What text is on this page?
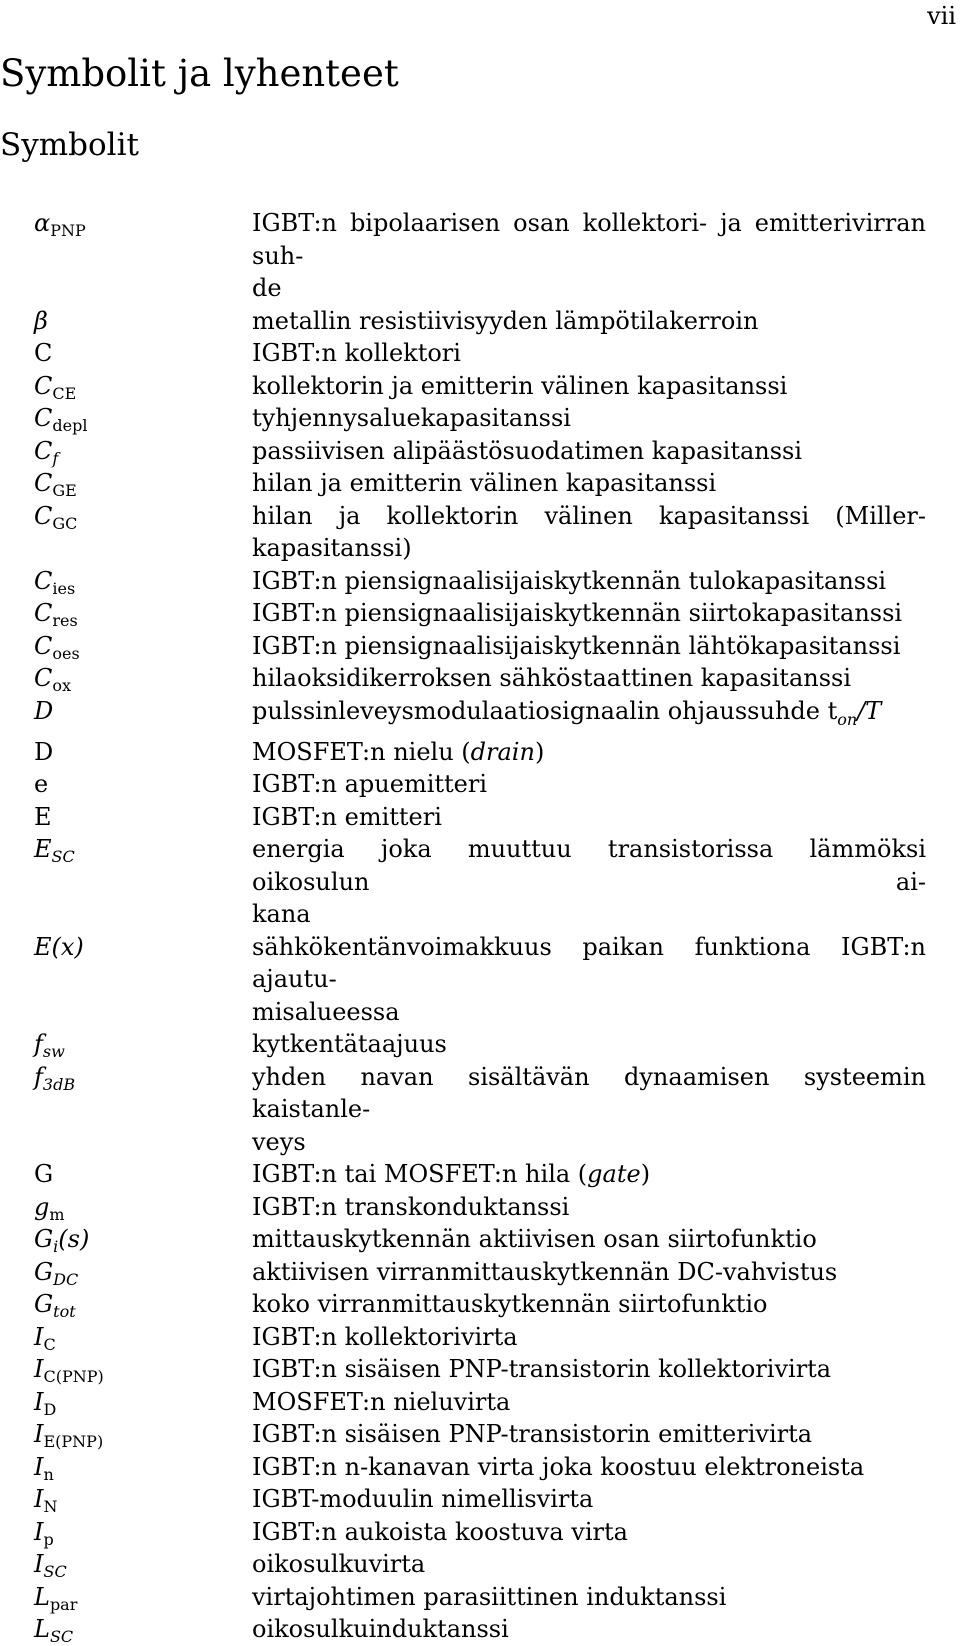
vii
Symbolit ja lyhenteet
Symbolit
$\alpha_{PNP}$	IGBT:n bipolaarisen osan kollektori- ja emitterivirran suh-
de
β	metallin resistiivisyyden lämpötilakerroin
C	IGBT:n kollektori
$C_{CE}$	kollektorin ja emitterin välinen kapasitanssi
$C_{depl}$	tyhjennysaluekapasitanssi
$C_f$	passiivisen alipäästösuodatimen kapasitanssi
$C_{GE}$	hilan ja emitterin välinen kapasitanssi
$C_{GC}$	hilan ja kollektorin välinen kapasitanssi (Miller-
kapasitanssi)
$C_{ies}$	IGBT:n piensignaalisijaiskytkennän tulokapasitanssi
$C_{res}$	IGBT:n piensignaalisijaiskytkennän siirtokapasitanssi
$C_{oes}$	IGBT:n piensignaalisijaiskytkennän lähtökapasitanssi
$C_{ox}$	hilaoksidikerroksen sähköstaattinen kapasitanssi
D	pulssinleveysmodulaatiosignaalin ohjaussuhde $t_{on}/T$
D	MOSFET:n nielu (drain)
e	IGBT:n apuemitteri
E	IGBT:n emitteri
$E_{SC}$	energia joka muuttuu transistorissa lämmöksi oikosulun ai-
kana
E(x)	sähkökentänvoimakkuus paikan funktiona IGBT:n ajautu-
misalueessa
$f_{sw}$	kytkentätaajuus
$f_{3dB}$	yhden navan sisältävän dynaamisen systeemin kaistanle-
veys
G	IGBT:n tai MOSFET:n hila (gate)
$g_m$	IGBT:n transkonduktanssi
$G_i(s)$	mittauskytkennän aktiivisen osan siirtofunktio
$G_{DC}$	aktiivisen virranmittauskytkennän DC-vahvistus
$G_{tot}$	koko virranmittauskytkennän siirtofunktio
$I_C$	IGBT:n kollektorivirta
$I_{C(PNP)}$	IGBT:n sisäisen PNP-transistorin kollektorivirta
$I_D$	MOSFET:n nieluvirta
$I_{E(PNP)}$	IGBT:n sisäisen PNP-transistorin emitterivirta
$I_n$	IGBT:n n-kanavan virta joka koostuu elektroneista
$I_N$	IGBT-moduulin nimellisvirta
$I_p$	IGBT:n aukoista koostuva virta
$I_{SC}$	oikosulkuvirta
$L_{par}$	virtajohtimen parasiittinen induktanssi
$L_{SC}$	oikosulkuinduktanssi
